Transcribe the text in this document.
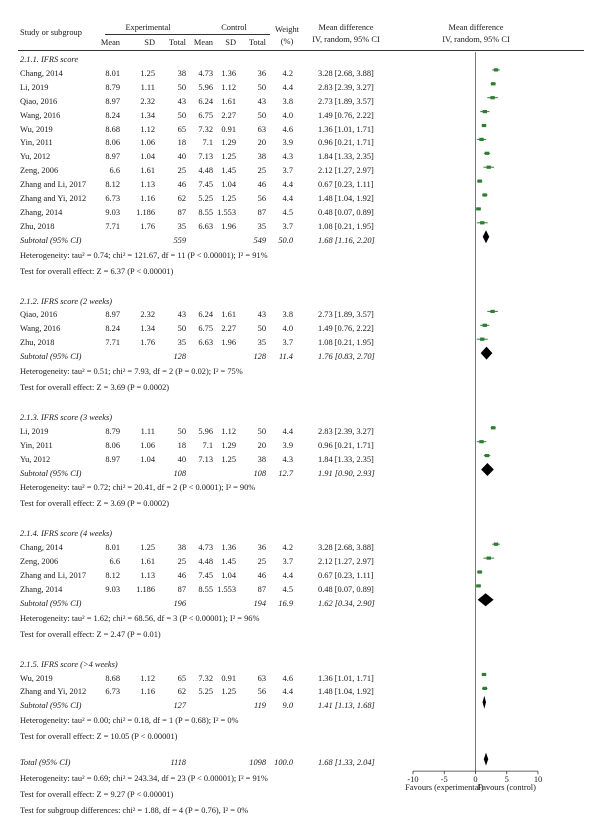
Experimental	Control	Weight
(%)
Mean difference
IV, random, 95% CI
Mean difference
IV, random, 95% CI
Study or subgroup
Mean	SD Total Mean SD Total
2.1.1. IFRS score
Chang, 2014	8.01 1.25	38 4.73 1.36	36 4.2	3.28 [2.68, 3.88]
Li, 2019	8.79 1.11	50 5.96 1.12	50 4.4	2.83 [2.39, 3.27]
Qiao, 2016	8.97 2.32	43 6.24 1.61	43 3.8	2.73 [1.89, 3.57]
Wang, 2016	8.24 1.34	50 6.75 2.27	50 4.0	1.49 [0.76, 2.22]
Wu, 2019	8.68 1.12	65 7.32 0.91	63 4.6	1.36 [1.01, 1.71]
Yin, 2011	8.06 1.06	18 7.1 1.29	20 3.9	0.96 [0.21, 1.71]
Yu, 2012	8.97 1.04	40 7.13 1.25	38 4.3	1.84 [1.33, 2.35]
Zeng, 2006	6.6 1.61	25 4.48 1.45	25 3.7	2.12 [1.27, 2.97]
Zhang and Li, 2017 8.12 1.13	46 7.45 1.04	46 4.4	0.67 [0.23, 1.11]
Zhang and Yi, 2012 6.73 1.16	62 5.25 1.25	56 4.4	1.48 [1.04, 1.92]
Zhang, 2014	9.03 1.186	87 8.55 1.553	87 4.5	0.48 [0.07, 0.89]
Zhu, 2018	7.71 1.76	35 6.63 1.96	35 3.7	1.08 [0.21, 1.95]
Subtotal (95% CI)	559	549 50.0	1.68 [1.16, 2.20]
Heterogeneity: tau² = 0.74; chi² = 121.67, df = 11 (P < 0.00001); I² = 91%
Test for overall effect: Z = 6.37 (P < 0.00001)
2.1.2. IFRS score (2 weeks)
Qiao, 2016	8.97 2.32	43 6.24 1.61	43 3.8	2.73 [1.89, 3.57]
Wang, 2016	8.24 1.34	50 6.75 2.27	50 4.0	1.49 [0.76, 2.22]
Zhu, 2018	7.71 1.76	35 6.63 1.96	35 3.7	1.08 [0.21, 1.95]
Subtotal (95% CI)	128	128 11.4	1.76 [0.83, 2.70]
Heterogeneity: tau² = 0.51; chi² = 7.93, df = 2 (P = 0.02); I² = 75%
Test for overall effect: Z = 3.69 (P = 0.0002)
2.1.3. IFRS score (3 weeks)
Li, 2019	8.79 1.11	50 5.96 1.12	50 4.4	2.83 [2.39, 3.27]
Yin, 2011	8.06 1.06	18 7.1 1.29	20 3.9	0.96 [0.21, 1.71]
Yu, 2012	8.97 1.04	40 7.13 1.25	38 4.3	1.84 [1.33, 2.35]
Subtotal (95% CI)	108	108 12.7	1.91 [0.90, 2.93]
Heterogeneity: tau² = 0.72; chi² = 20.41, df = 2 (P < 0.0001); I² = 90%
Test for overall effect: Z = 3.69 (P = 0.0002)
2.1.4. IFRS score (4 weeks)
Chang, 2014	8.01 1.25	38 4.73 1.36	36 4.2	3.28 [2.68, 3.88]
Zeng, 2006	6.6 1.61	25 4.48 1.45	25 3.7	2.12 [1.27, 2.97]
Zhang and Li, 2017 8.12 1.13	46 7.45 1.04	46 4.4	0.67 [0.23, 1.11]
Zhang, 2014	9.03 1.186	87 8.55 1.553	87 4.5	0.48 [0.07, 0.89]
Subtotal (95% CI)	196	194 16.9	1.62 [0.34, 2.90]
Heterogeneity: tau² = 1.62; chi² = 68.56, df = 3 (P < 0.00001); I² = 96%
Test for overall effect: Z = 2.47 (P = 0.01)
2.1.5. IFRS score (>4 weeks)
Wu, 2019	8.68 1.12	65 7.32 0.91	63 4.6	1.36 [1.01, 1.71]
Zhang and Yi, 2012 6.73 1.16	62 5.25 1.25	56 4.4	1.48 [1.04, 1.92]
Subtotal (95% CI)	127	119 9.0	1.41 [1.13, 1.68]
Heterogeneity: tau² = 0.00; chi² = 0.18, df = 1 (P = 0.68); I² = 0%
Test for overall effect: Z = 10.05 (P < 0.00001)
Total (95% CI)	1118	1098 100.0	1.68 [1.33, 2.04]
Heterogeneity: tau² = 0.69; chi² = 243.34, df = 23 (P < 0.00001); I² = 91%
Test for overall effect: Z = 9.27 (P < 0.00001)
Test for subgroup differences: chi² = 1.88, df = 4 (P = 0.76), I² = 0%
-10	-5	0	5	10
Favours (experimental)
Favours (control)
